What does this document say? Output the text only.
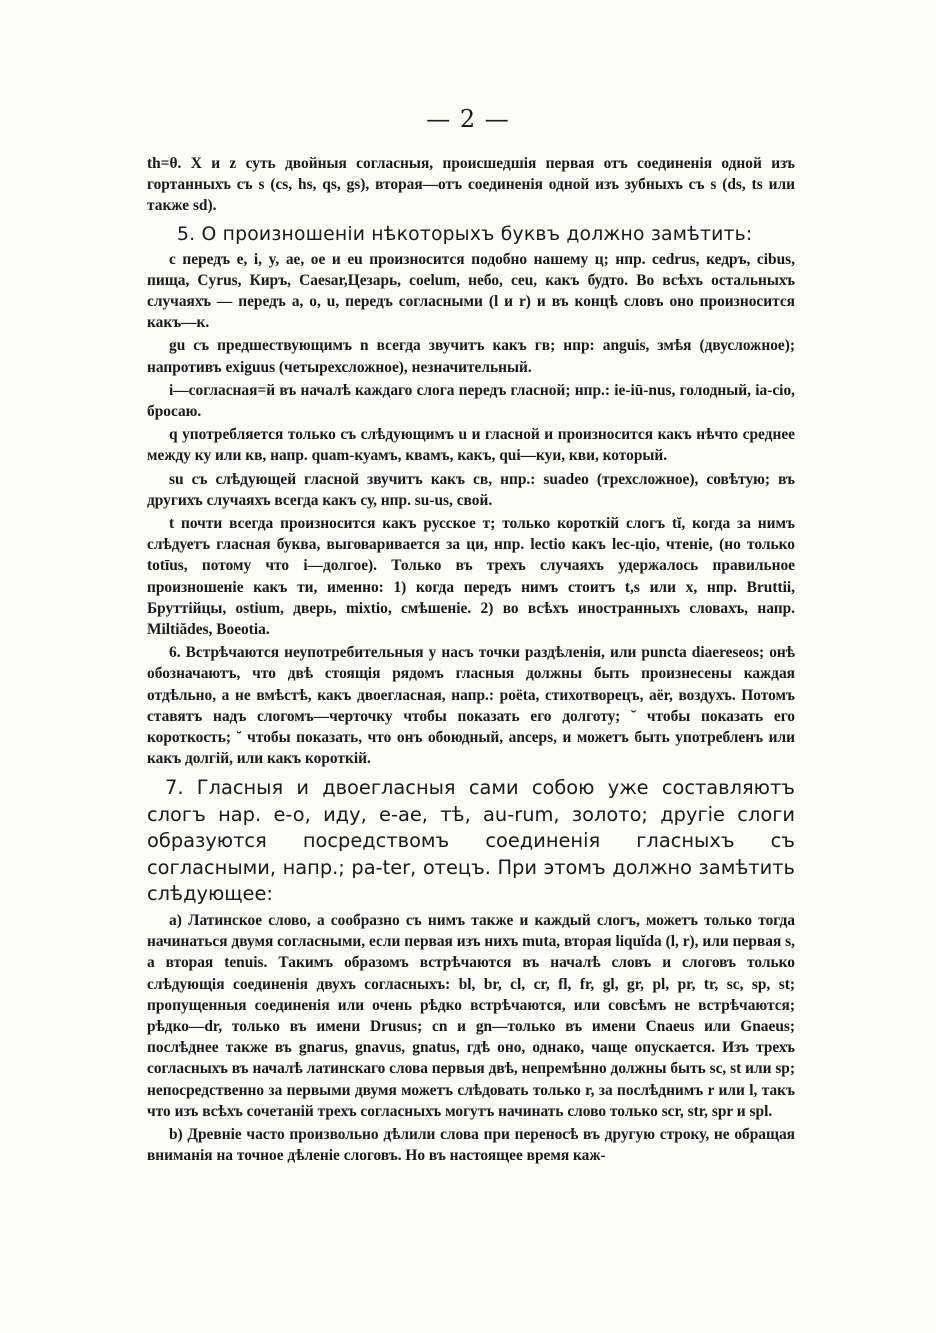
— 2 —

th=θ. X и z суть двойныя согласныя, происшедшія первая отъ соединенія одной изъ гортанныхъ съ s (cs, hs, qs, gs), вторая—отъ соединенія одной изъ зубныхъ съ s (ds, ts или также sd).

5. О произношенiи нѣкоторыхъ буквъ должно замѣтить:

c передъ e, i, y, ae, oe и eu произносится подобно нашему ц; нпр. cedrus, кедръ, cibus, пища, Cyrus, Киръ, Caesar,Цезарь, coelum, небо, ceu, какъ будто. Во всѣхъ остальныхъ случаяхъ — передъ a, o, u, передъ согласными (l и r) и въ концѣ словъ оно произносится какъ—к.

gu съ предшествующимъ n всегда звучитъ какъ гв; нпр: anguis, змѣя (двусложное); напротивъ exiguus (четырехсложное), незначительный.

i—согласная=й въ началѣ каждаго слога передъ гласной; нпр.: ie-iū-nus, голодный, ia-cio, бросаю.

q употребляется только съ слѣдующимъ u и гласной и произносится какъ нѣчто среднее между ку или кв, напр. quam-куамъ, квамъ, какъ, qui—куи, кви, который.

su съ слѣдующей гласной звучитъ какъ св, нпр.: suadeo (трехсложное), совѣтую; въ другихъ случаяхъ всегда какъ су, нпр. su-us, свой.

t почти всегда произносится какъ русское т; только короткій слогъ tĭ, когда за нимъ слѣдуетъ гласная буква, выговаривается за ци, нпр. lectio какъ lec-цio, чтеніе, (но только totīus, потому что i—долгое). Только въ трехъ случаяхъ удержалось правильное произношеніе какъ ти, именно: 1) когда передъ нимъ стоитъ t,s или x, нпр. Bruttii, Бруттійцы, ostium, дверь, mixtio, смѣшеніе. 2) во всѣхъ иностранныхъ словахъ, напр. Miltiădes, Boeotia.

6. Встрѣчаются неупотребительныя у насъ точки раздѣленія, или puncta diaereseos; онѣ обозначаютъ, что двѣ стоящія рядомъ гласныя должны быть произнесены каждая отдѣльно, а не вмѣстѣ, какъ двоегласная, напр.: poëta, стихотворецъ, aër, воздухъ. Потомъ ставятъ надъ слогомъ—черточку чтобы показать его долготу; ˘ чтобы показать его короткость; ˘ чтобы показать, что онъ обоюдный, anceps, и можетъ быть употребленъ или какъ долгій, или какъ короткій.

7. Гласныя и двоегласныя сами собою уже составляютъ слогъ нар. e-o, иду, e-ae, тѣ, au-rum, золото; другіе слоги образуются посредствомъ соединенія гласныхъ съ согласными, напр.; pa-ter, отецъ. При этомъ должно замѣтить слѣдующее:

a) Латинское слово, а сообразно съ нимъ также и каждый слогъ, можетъ только тогда начинаться двумя согласными, если первая изъ нихъ muta, вторая liquĭda (l, r), или первая s, а вторая tenuis. Такимъ образомъ встрѣчаются въ началѣ словъ и слоговъ только слѣдующія соединенія двухъ согласныхъ: bl, br, cl, cr, fl, fr, gl, gr, pl, pr, tr, sc, sp, st; пропущенныя соединенія или очень рѣдко встрѣчаются, или совсѣмъ не встрѣчаются; рѣдко—dr, только въ имени Drusus; cn и gn—только въ имени Cnaeus или Gnaeus; послѣднее также въ gnarus, gnavus, gnatus, гдѣ оно, однако, чаще опускается. Изъ трехъ согласныхъ въ началѣ латинскаго слова первыя двѣ, непремѣнно должны быть sc, st или sp; непосредственно за первыми двумя можетъ слѣдовать только r, за послѣднимъ r или l, такъ что изъ всѣхъ сочетаній трехъ согласныхъ могутъ начинать слово только scr, str, spr и spl.

b) Древніе часто произвольно дѣлили слова при переносѣ въ другую строку, не обращая вниманія на точное дѣленіе слоговъ. Но въ настоящее время каж-
